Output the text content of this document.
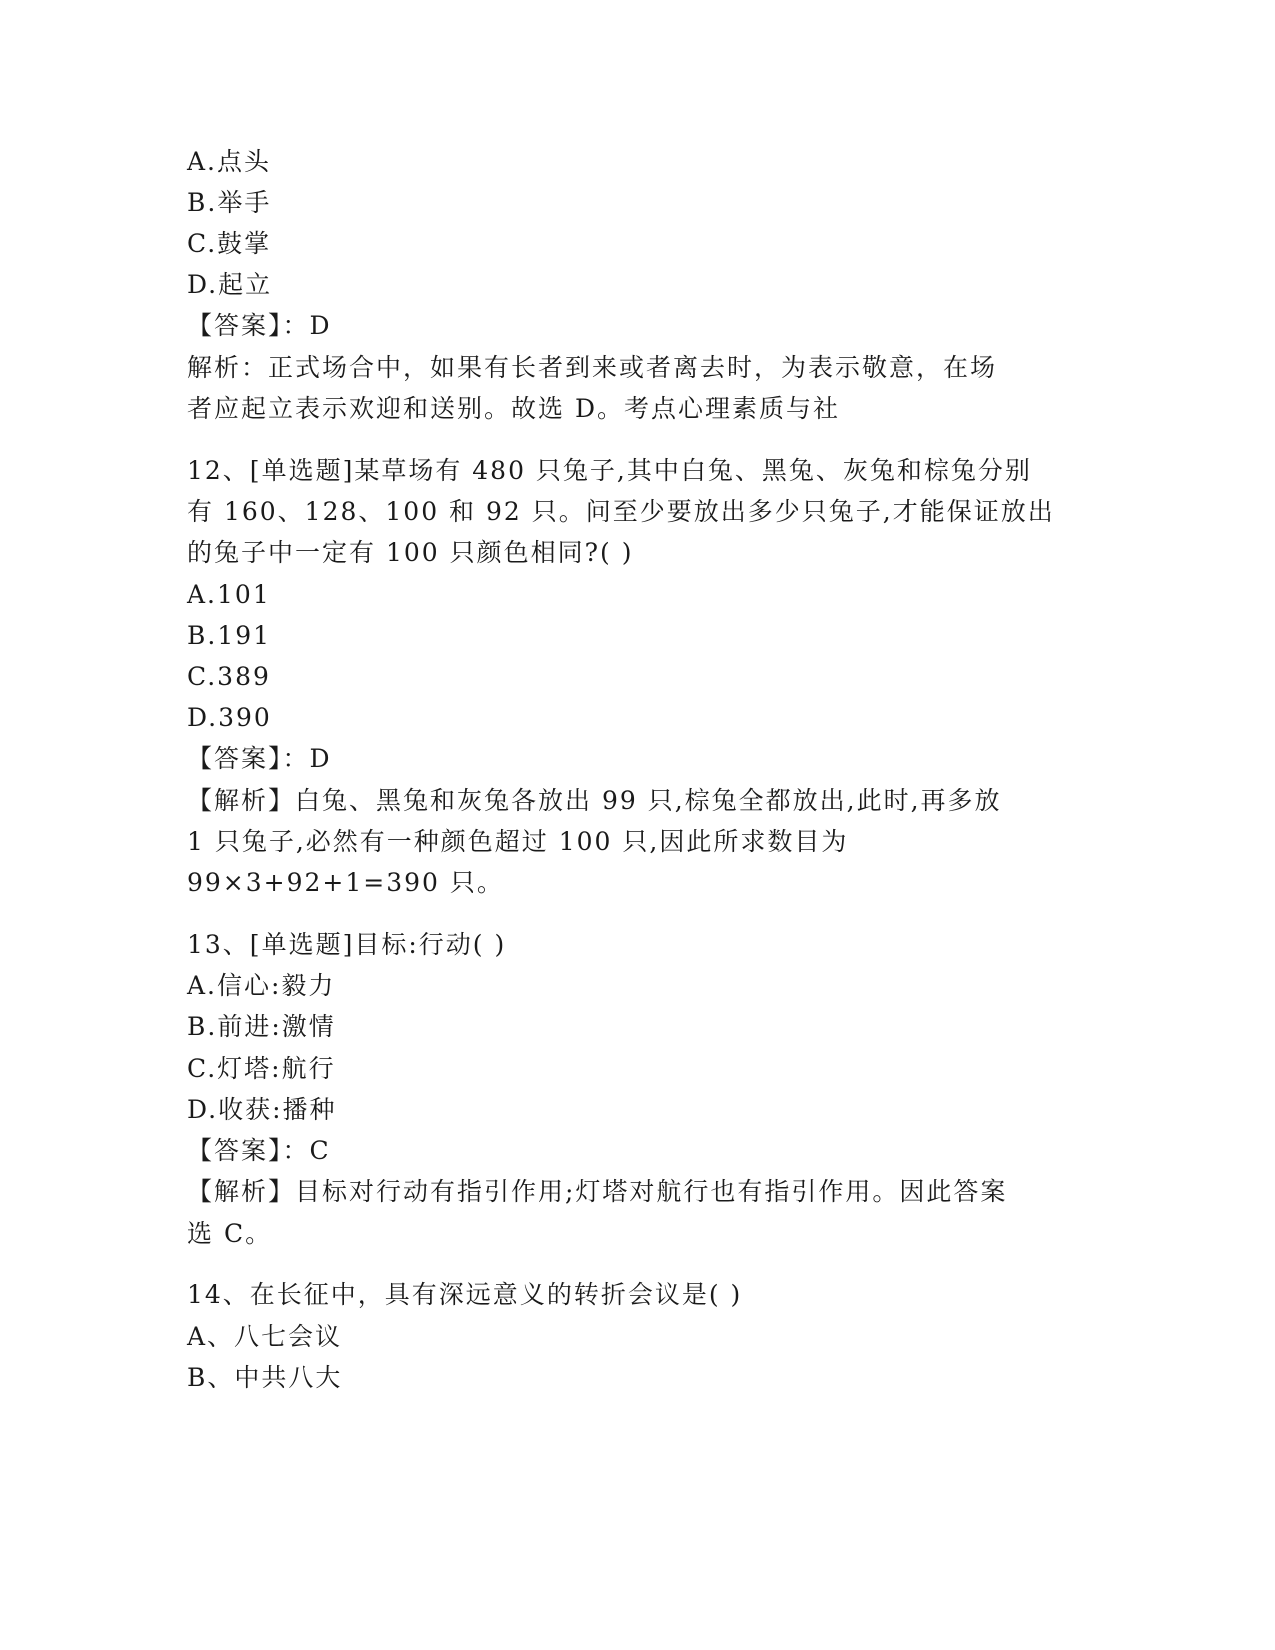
A.点头
B.举手
C.鼓掌
D.起立
【答案】：D
解析：正式场合中，如果有长者到来或者离去时，为表示敬意，在场
者应起立表示欢迎和送别。故选 D。考点心理素质与社
12、[单选题]某草场有 480 只兔子,其中白兔、黑兔、灰兔和棕兔分别
有 160、128、100 和 92 只。问至少要放出多少只兔子,才能保证放出
的兔子中一定有 100 只颜色相同?( )
A.101
B.191
C.389
D.390
【答案】：D
【解析】白兔、黑兔和灰兔各放出 99 只,棕兔全都放出,此时,再多放
1 只兔子,必然有一种颜色超过 100 只,因此所求数目为
99×3+92+1=390 只。
13、[单选题]目标:行动( )
A.信心:毅力
B.前进:激情
C.灯塔:航行
D.收获:播种
【答案】：C
【解析】目标对行动有指引作用;灯塔对航行也有指引作用。因此答案
选 C。
14、在长征中，具有深远意义的转折会议是( )
A、八七会议
B、中共八大
